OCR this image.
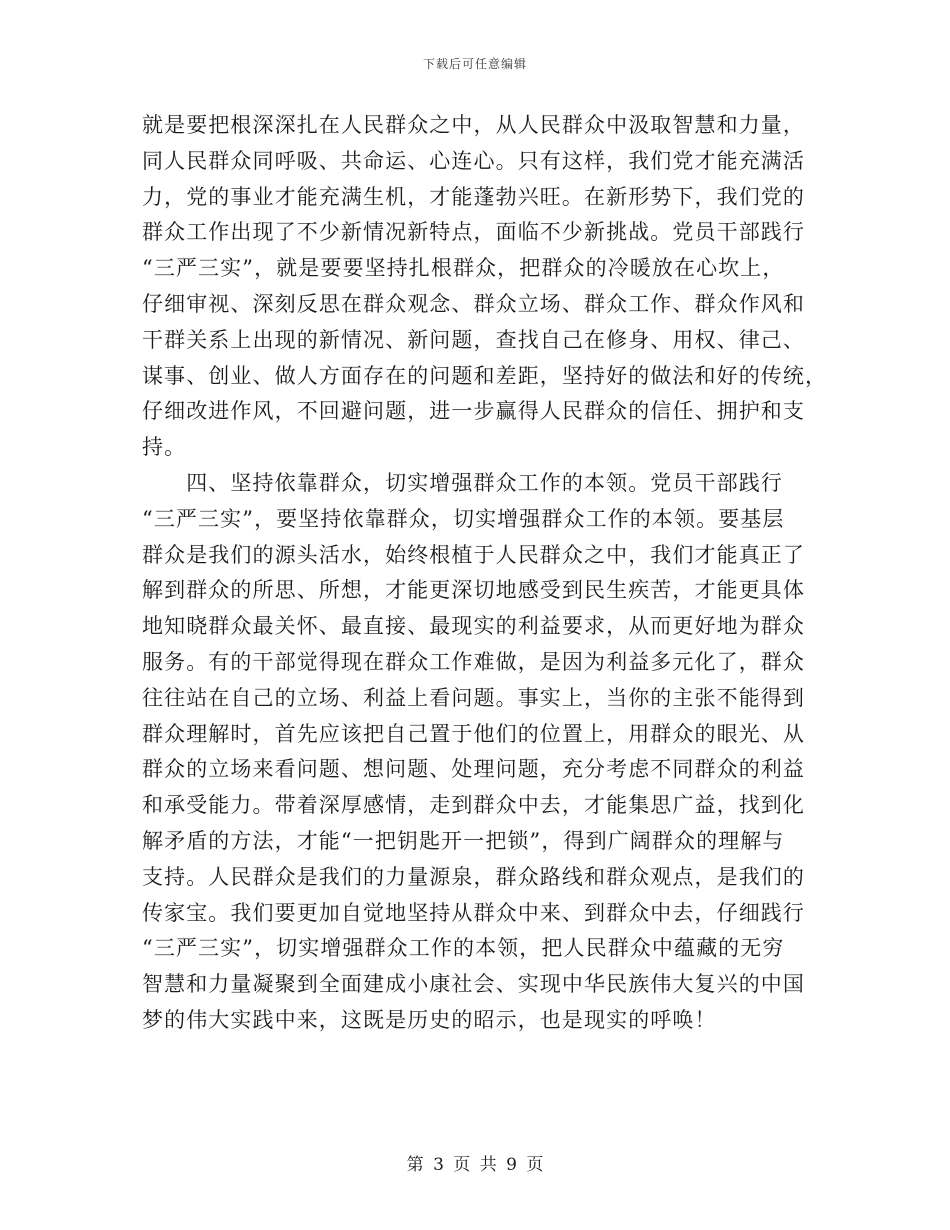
下载后可任意编辑

就是要把根深深扎在人民群众之中，从人民群众中汲取智慧和力量，
同人民群众同呼吸、共命运、心连心。只有这样，我们党才能充满活
力，党的事业才能充满生机，才能蓬勃兴旺。在新形势下，我们党的
群众工作出现了不少新情况新特点，面临不少新挑战。党员干部践行
“三严三实”，就是要要坚持扎根群众，把群众的冷暖放在心坎上，
仔细审视、深刻反思在群众观念、群众立场、群众工作、群众作风和
干群关系上出现的新情况、新问题，查找自己在修身、用权、律己、
谋事、创业、做人方面存在的问题和差距，坚持好的做法和好的传统，
仔细改进作风，不回避问题，进一步赢得人民群众的信任、拥护和支
持。

　　四、坚持依靠群众，切实增强群众工作的本领。党员干部践行
“三严三实”，要坚持依靠群众，切实增强群众工作的本领。要基层
群众是我们的源头活水，始终根植于人民群众之中，我们才能真正了
解到群众的所思、所想，才能更深切地感受到民生疾苦，才能更具体
地知晓群众最关怀、最直接、最现实的利益要求，从而更好地为群众
服务。有的干部觉得现在群众工作难做，是因为利益多元化了，群众
往往站在自己的立场、利益上看问题。事实上，当你的主张不能得到
群众理解时，首先应该把自己置于他们的位置上，用群众的眼光、从
群众的立场来看问题、想问题、处理问题，充分考虑不同群众的利益
和承受能力。带着深厚感情，走到群众中去，才能集思广益，找到化
解矛盾的方法，才能“一把钥匙开一把锁”，得到广阔群众的理解与
支持。人民群众是我们的力量源泉，群众路线和群众观点，是我们的
传家宝。我们要更加自觉地坚持从群众中来、到群众中去，仔细践行
“三严三实”，切实增强群众工作的本领，把人民群众中蕴藏的无穷
智慧和力量凝聚到全面建成小康社会、实现中华民族伟大复兴的中国
梦的伟大实践中来，这既是历史的昭示，也是现实的呼唤！

第 3 页 共 9 页
